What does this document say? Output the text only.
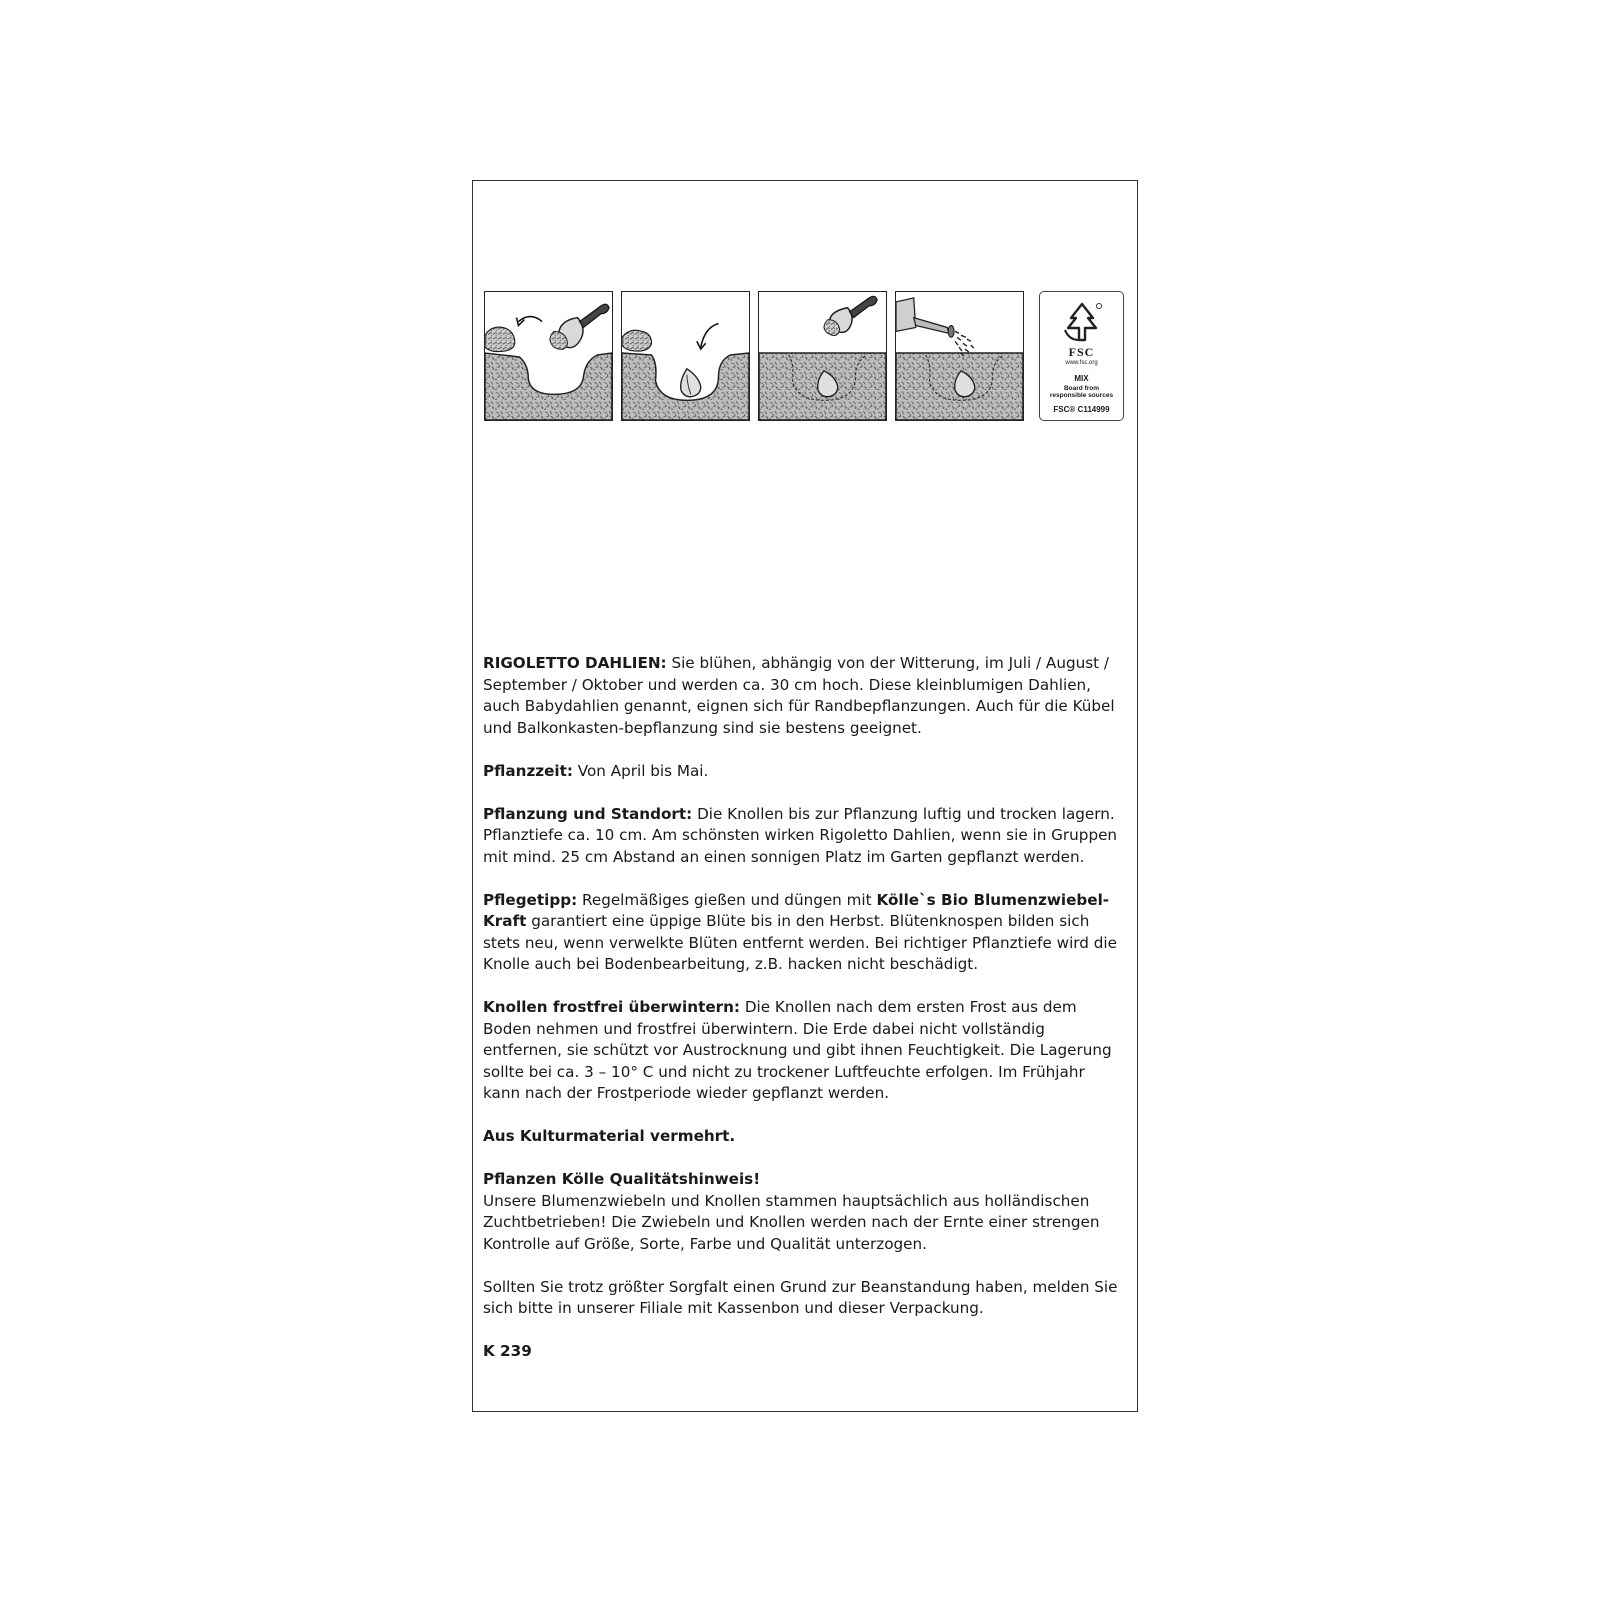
FSC
www.fsc.org
MIX
Board from
responsible sources
FSC® C114999

RIGOLETTO DAHLIEN: Sie blühen, abhängig von der Witterung, im Juli / August / September / Oktober und werden ca. 30 cm hoch. Diese kleinblumigen Dahlien, auch Babydahlien genannt, eignen sich für Randbepflanzungen. Auch für die Kübel und Balkonkasten-bepflanzung sind sie bestens geeignet.

Pflanzzeit: Von April bis Mai.

Pflanzung und Standort: Die Knollen bis zur Pflanzung luftig und trocken lagern. Pflanztiefe ca. 10 cm. Am schönsten wirken Rigoletto Dahlien, wenn sie in Gruppen mit mind. 25 cm Abstand an einen sonnigen Platz im Garten gepflanzt werden.

Pflegetipp: Regelmäßiges gießen und düngen mit Kölle`s Bio Blumenzwiebel-Kraft garantiert eine üppige Blüte bis in den Herbst. Blütenknospen bilden sich stets neu, wenn verwelkte Blüten entfernt werden. Bei richtiger Pflanztiefe wird die Knolle auch bei Bodenbearbeitung, z.B. hacken nicht beschädigt.

Knollen frostfrei überwintern: Die Knollen nach dem ersten Frost aus dem Boden nehmen und frostfrei überwintern. Die Erde dabei nicht vollständig entfernen, sie schützt vor Austrocknung und gibt ihnen Feuchtigkeit. Die Lagerung sollte bei ca. 3 – 10° C und nicht zu trockener Luftfeuchte erfolgen. Im Frühjahr kann nach der Frostperiode wieder gepflanzt werden.

Aus Kulturmaterial vermehrt.

Pflanzen Kölle Qualitätshinweis!
Unsere Blumenzwiebeln und Knollen stammen hauptsächlich aus holländischen Zuchtbetrieben! Die Zwiebeln und Knollen werden nach der Ernte einer strengen Kontrolle auf Größe, Sorte, Farbe und Qualität unterzogen.

Sollten Sie trotz größter Sorgfalt einen Grund zur Beanstandung haben, melden Sie sich bitte in unserer Filiale mit Kassenbon und dieser Verpackung.

K 239
